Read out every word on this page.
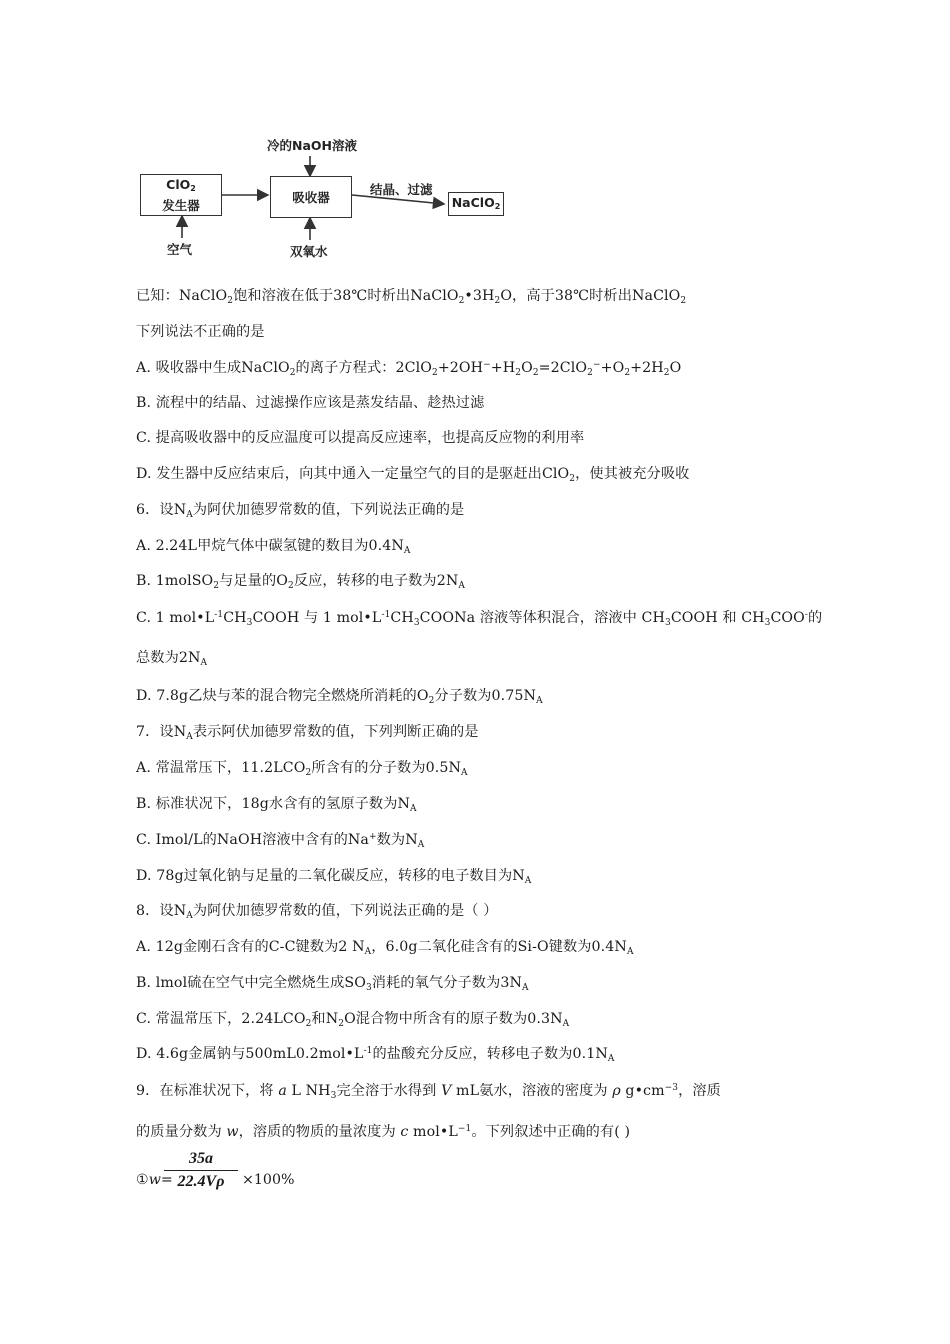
ClO$_2$
发生器
吸收器	NaClO$_2$
冷的NaOH溶液
结晶、过滤
空气	双氧水
已知：NaClO$_2$饱和溶液在低于38℃时析出$NaClO_2•3H_2O$，高于38℃时析出NaClO$_2$
下列说法不正确的是
A. 吸收器中生成NaClO$_2$的离子方程式：$2ClO_2+2OH^-+H_2O_2=2ClO_2^-+O_2+2H_2O$
B. 流程中的结晶、过滤操作应该是蒸发结晶、趁热过滤
C. 提高吸收器中的反应温度可以提高反应速率，也提高反应物的利用率
D. 发生器中反应结束后，向其中通入一定量空气的目的是驱赶出ClO$_2$，使其被充分吸收
6．设$N_A$为阿伏加德罗常数的值，下列说法正确的是
A. 2.24L甲烷气体中碳氢键的数目为$0.4N_A$
B. 1molSO$_2$与足量的$O_2$反应，转移的电子数为$2N_A$
C. 1 $mol•L^{-1}CH_3COOH$ 与 1 $mol•L^{-1}CH_3COONa$ 溶液等体积混合，溶液中 $CH_3COOH$ 和 $CH_3COO^-$的
总数为$2N_A$
D. 7.8g乙炔与苯的混合物完全燃烧所消耗的$O_2$分子数为$0.75N_A$
7．设$N_A$表示阿伏加德罗常数的值，下列判断正确的是
A. 常温常压下，$11.2LCO_2$所含有的分子数为$0.5N_A$
B. 标准状况下，18g水含有的氢原子数为$N_A$
C. Imol/L的NaOH溶液中含有的Na+数为$N_A$
D. 78g过氧化钠与足量的二氧化碳反应，转移的电子数目为$N_A$
8．设$N_A$为阿伏加德罗常数的值，下列说法正确的是（ ）
A. 12g金刚石含有的C-C键数为2 $N_A$，6.0g二氧化硅含有的Si-O键数为$0.4N_A$
B. lmol硫在空气中完全燃烧生成$SO_3$消耗的氧气分子数为$3N_A$
C. 常温常压下，$2.24LCO_2$和$N_2O$混合物中所含有的原子数为$0.3N_A$
D. 4.6g金属钠与$500mL0.2mol•L^{-1}$的盐酸充分反应，转移电子数为$0.1N_A$
9．在标准状况下，将 a L $NH_3$完全溶于水得到 V mL氨水，溶液的密度为 ρ $g•cm^{-3}$，溶质
的质量分数为 w，溶质的物质的量浓度为 c $mol•L^{-1}$。下列叙述中正确的有( )
①w=
35a
22.4Vρ	×100%
